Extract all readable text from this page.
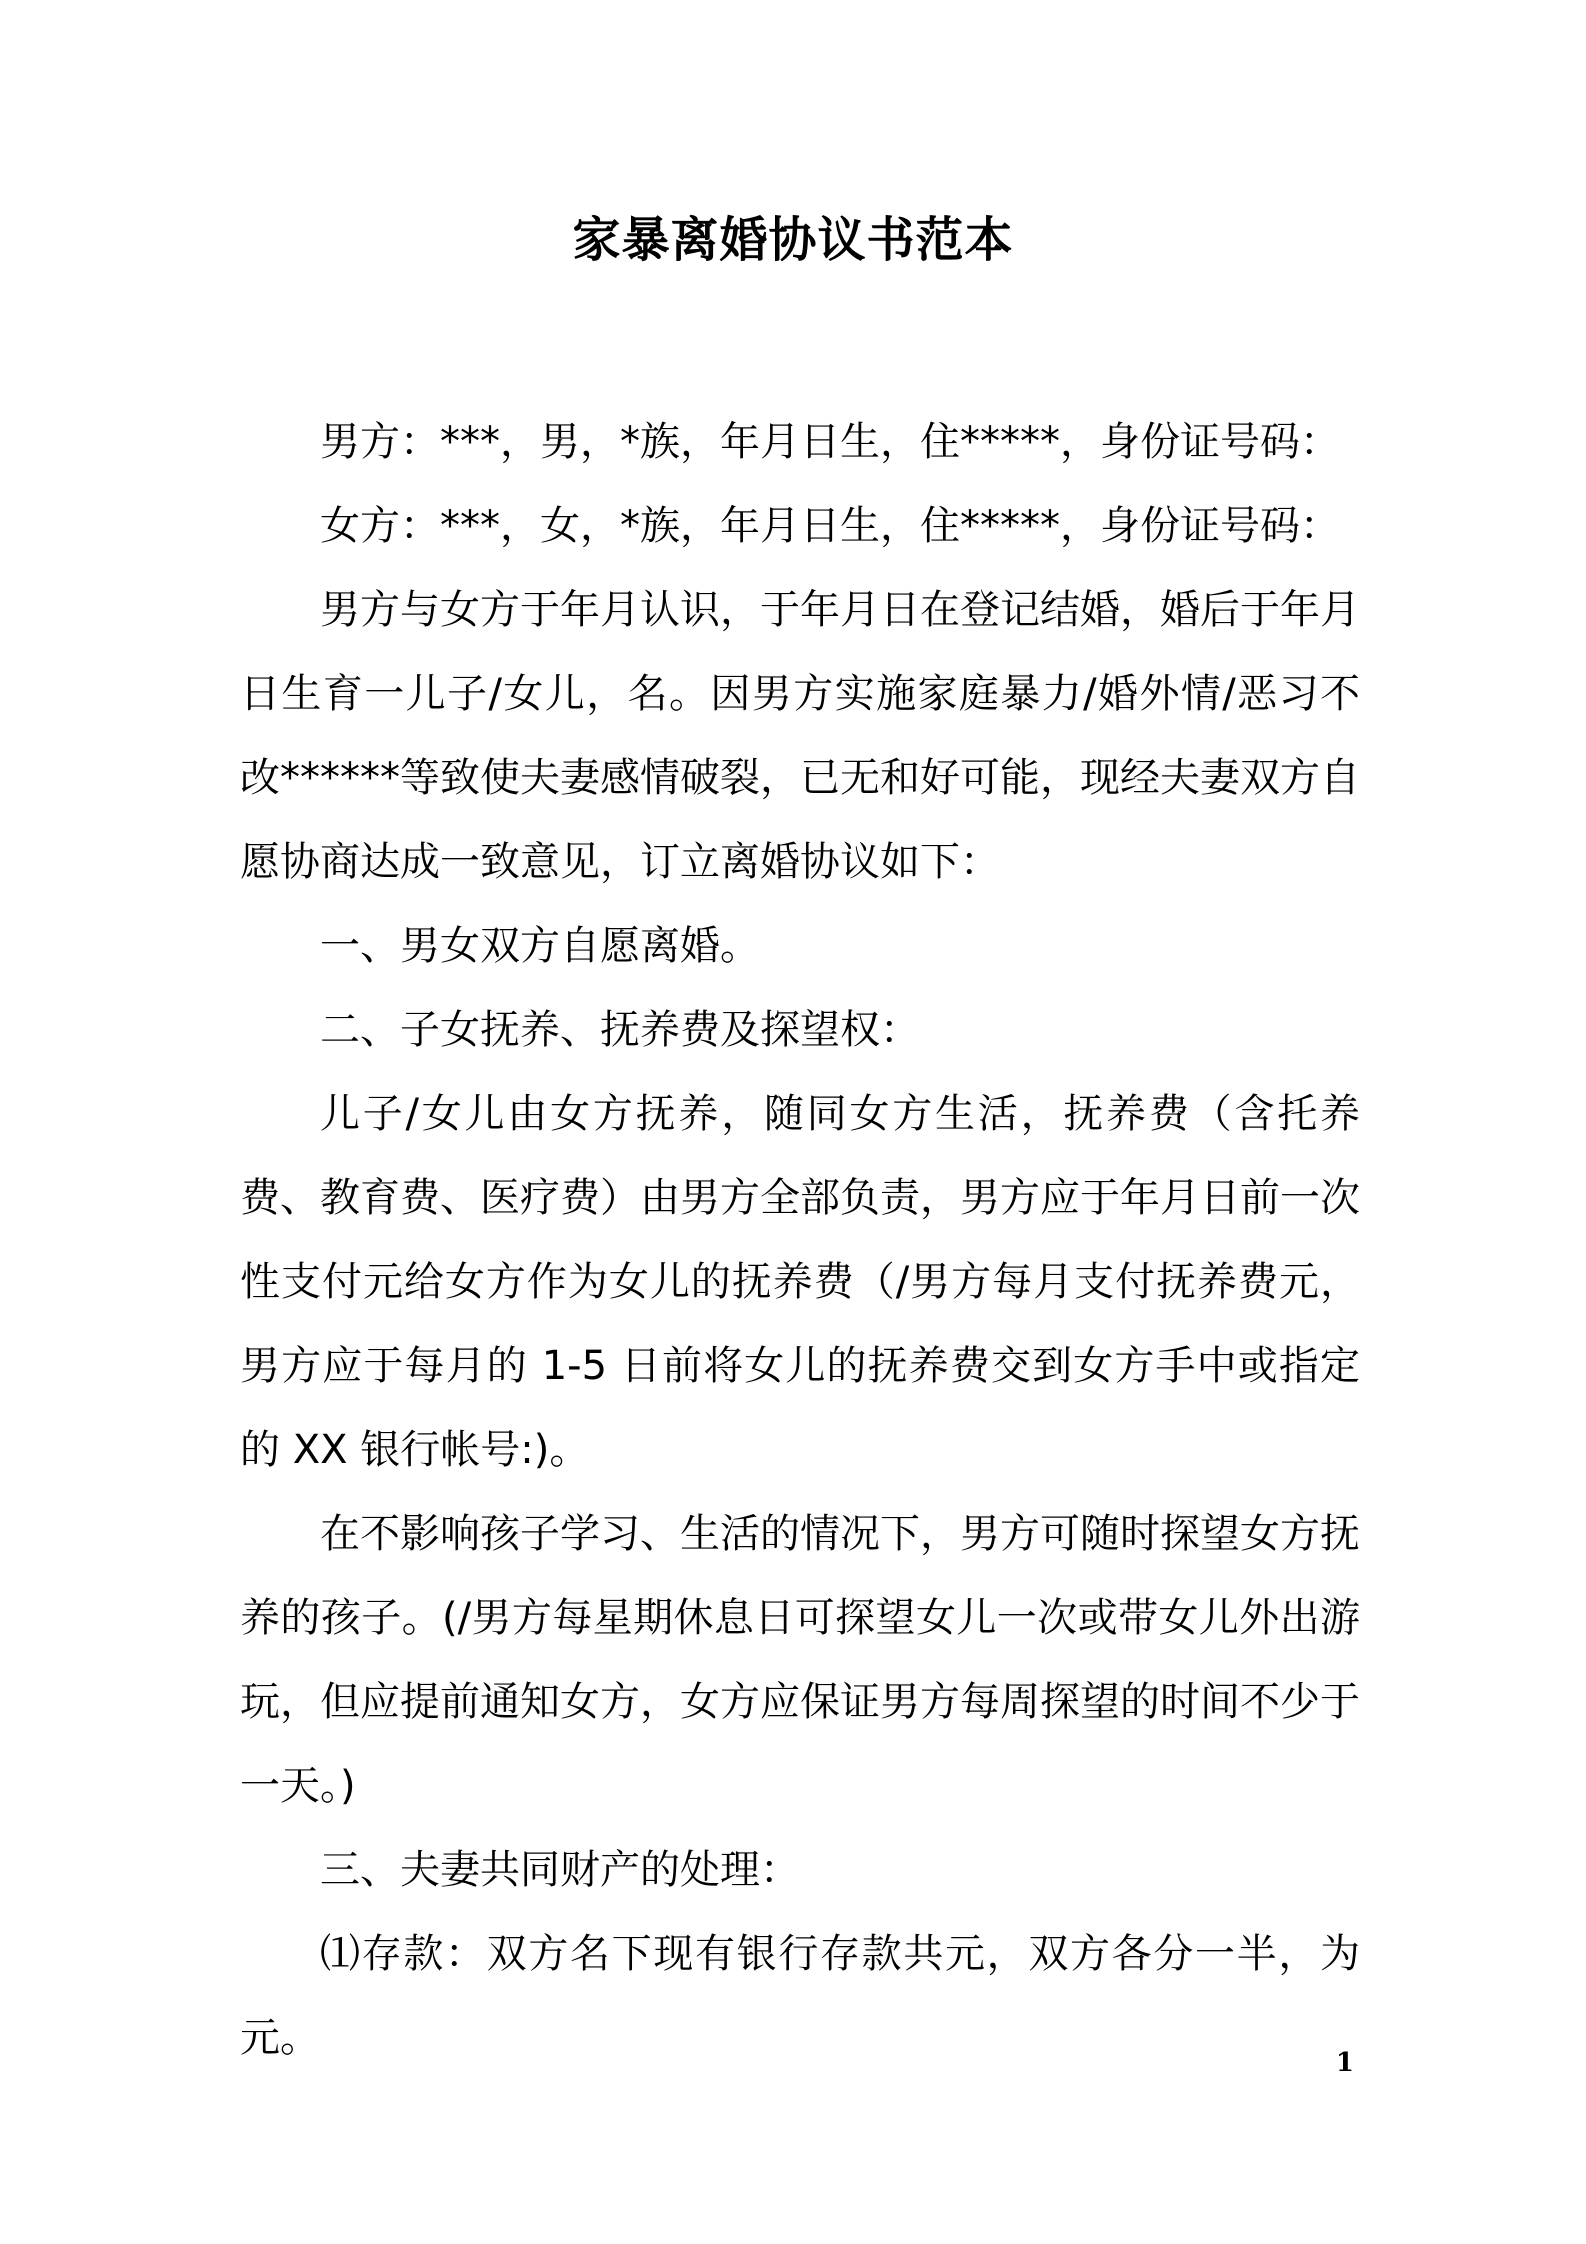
家暴离婚协议书范本

男方：***，男，*族，年月日生，住*****，身份证号码：

女方：***，女，*族，年月日生，住*****，身份证号码：

男方与女方于年月认识，于年月日在登记结婚，婚后于年月日生育一儿子/女儿，名。因男方实施家庭暴力/婚外情/恶习不改******等致使夫妻感情破裂，已无和好可能，现经夫妻双方自愿协商达成一致意见，订立离婚协议如下：

一、男女双方自愿离婚。

二、子女抚养、抚养费及探望权：

儿子/女儿由女方抚养，随同女方生活，抚养费（含托养费、教育费、医疗费）由男方全部负责，男方应于年月日前一次性支付元给女方作为女儿的抚养费（/男方每月支付抚养费元，男方应于每月的 1-5 日前将女儿的抚养费交到女方手中或指定的 XX 银行帐号:)。

在不影响孩子学习、生活的情况下，男方可随时探望女方抚养的孩子。(/男方每星期休息日可探望女儿一次或带女儿外出游玩，但应提前通知女方，女方应保证男方每周探望的时间不少于一天。)

三、夫妻共同财产的处理：

⑴存款：双方名下现有银行存款共元，双方各分一半，为元。

1
